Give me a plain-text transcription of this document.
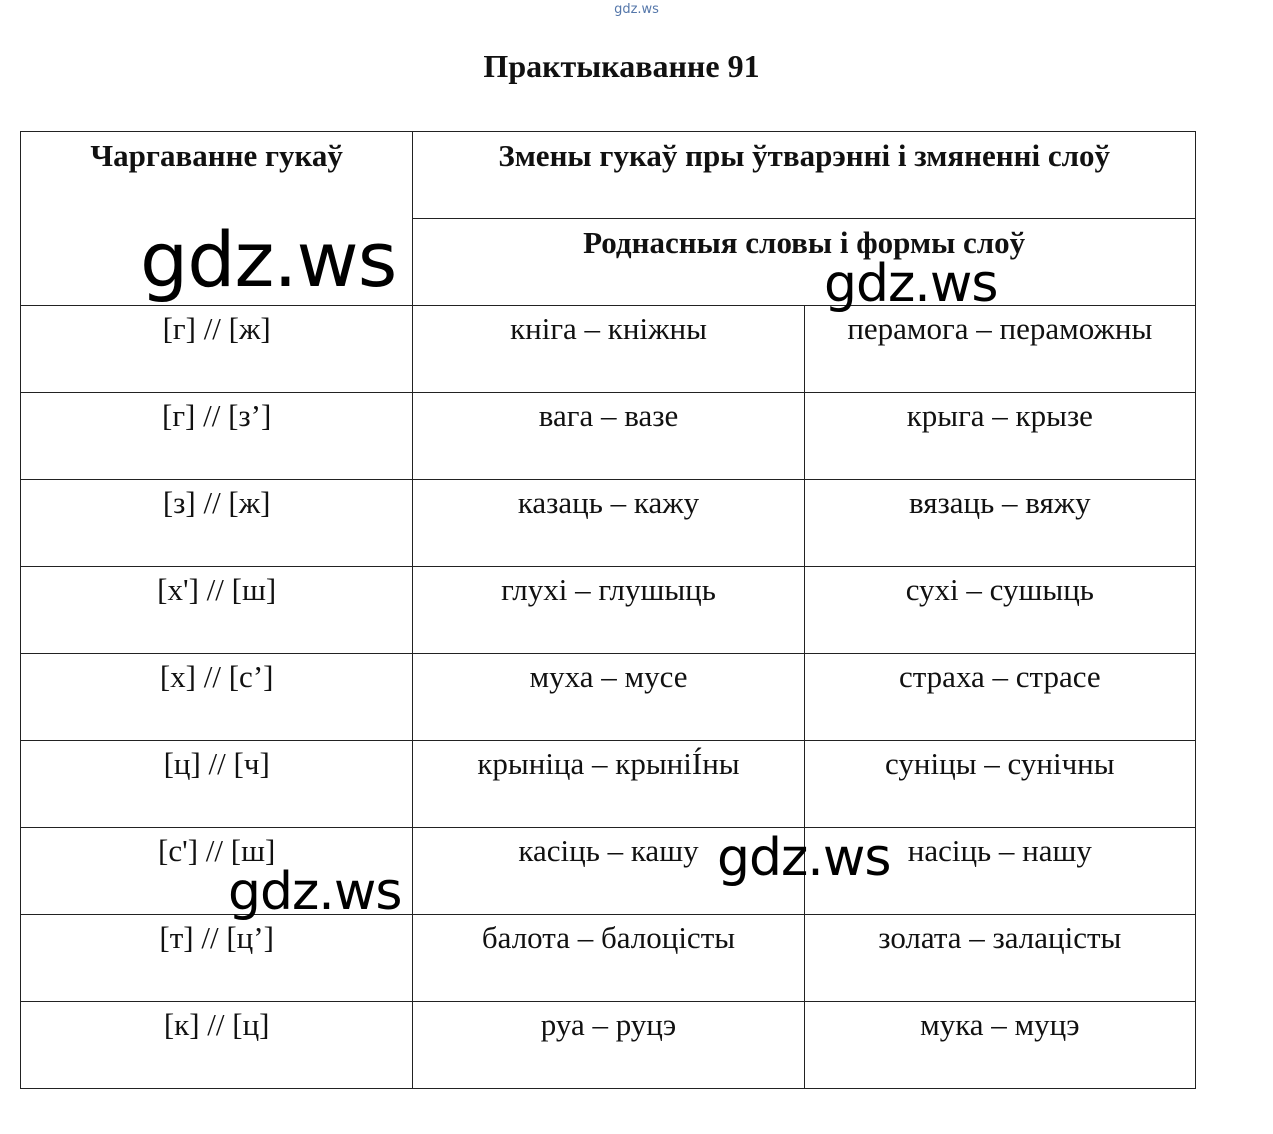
gdz.ws
Практыкаванне 91
Чаргаванне гукаў	Змены гукаў пры ўтварэнні і змяненні слоў	

	Роднасныя словы і формы слоў	

[г] // [ж]	кніга – кніжны	перамога – пераможны

[г] // [з’]	вага – вазе	крыга – крызе

[з] // [ж]	казаць – кажу	вязаць – вяжу

[х'] // [ш]	глухі – глушыць	сухі – сушыць

[х] // [с’]	муха – мусе	страха – страсе

[ц] // [ч]	крыніца – крыніÍны	суніцы – сунічны

[с'] // [ш]	касіць – кашу	насіць – нашу

[т] // [ц’]	балота – балоцісты	золата – залацісты

[к] // [ц]	руа – руцэ	мука – муцэ
gdz.ws	gdz.ws
gdz.ws
gdz.ws
